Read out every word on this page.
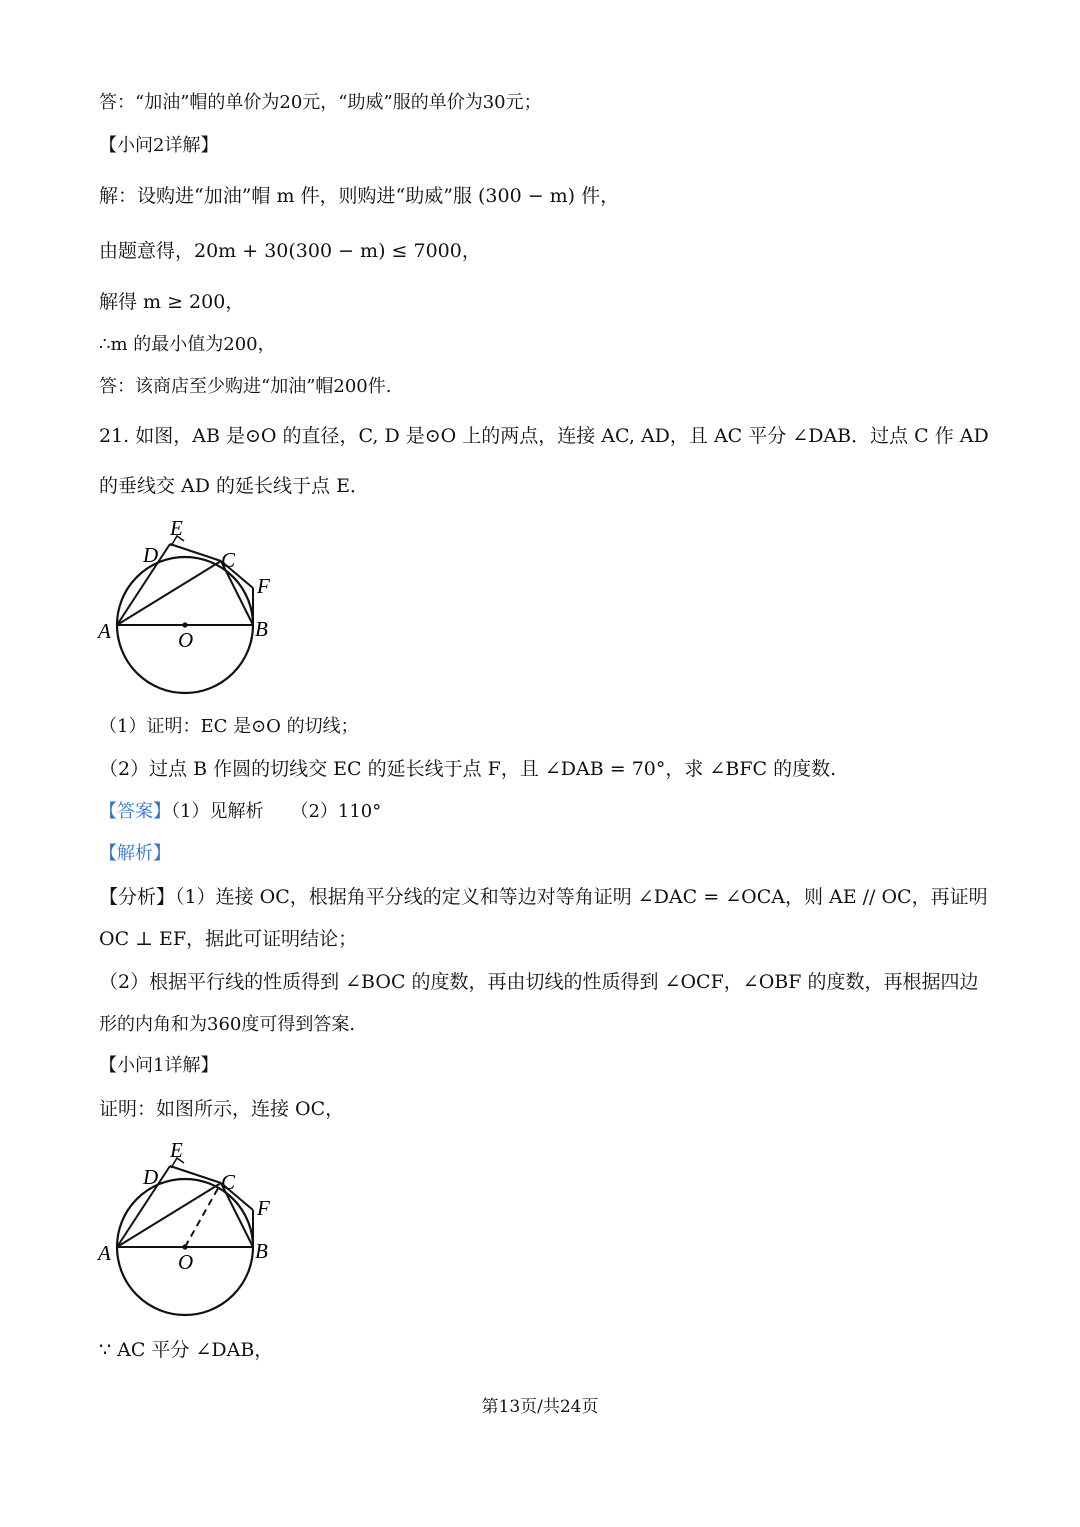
答：“加油”帽的单价为20元，“助威”服的单价为30元；
【小问2详解】
解：设购进“加油”帽 m 件，则购进“助威”服 (300 − m) 件，
由题意得，20m + 30(300 − m) ≤ 7000，
解得 m ≥ 200，
∴m 的最小值为200，
答：该商店至少购进“加油”帽200件.
21. 如图，AB 是⊙O 的直径，C, D 是⊙O 上的两点，连接 AC, AD，且 AC 平分 ∠DAB．过点 C 作 AD
的垂线交 AD 的延长线于点 E．
E
D	C
F
A	O	B
（1）证明：EC 是⊙O 的切线；
（2）过点 B 作圆的切线交 EC 的延长线于点 F，且 ∠DAB = 70°，求 ∠BFC 的度数.
【答案】（1）见解析　　（2）110°
【解析】
【分析】（1）连接 OC，根据角平分线的定义和等边对等角证明 ∠DAC = ∠OCA，则 AE // OC，再证明
OC ⊥ EF，据此可证明结论；
（2）根据平行线的性质得到 ∠BOC 的度数，再由切线的性质得到 ∠OCF，∠OBF 的度数，再根据四边
形的内角和为360度可得到答案.
【小问1详解】
证明：如图所示，连接 OC，
E
D	C
F
A	O	B
∵ AC 平分 ∠DAB，
第13页/共24页
